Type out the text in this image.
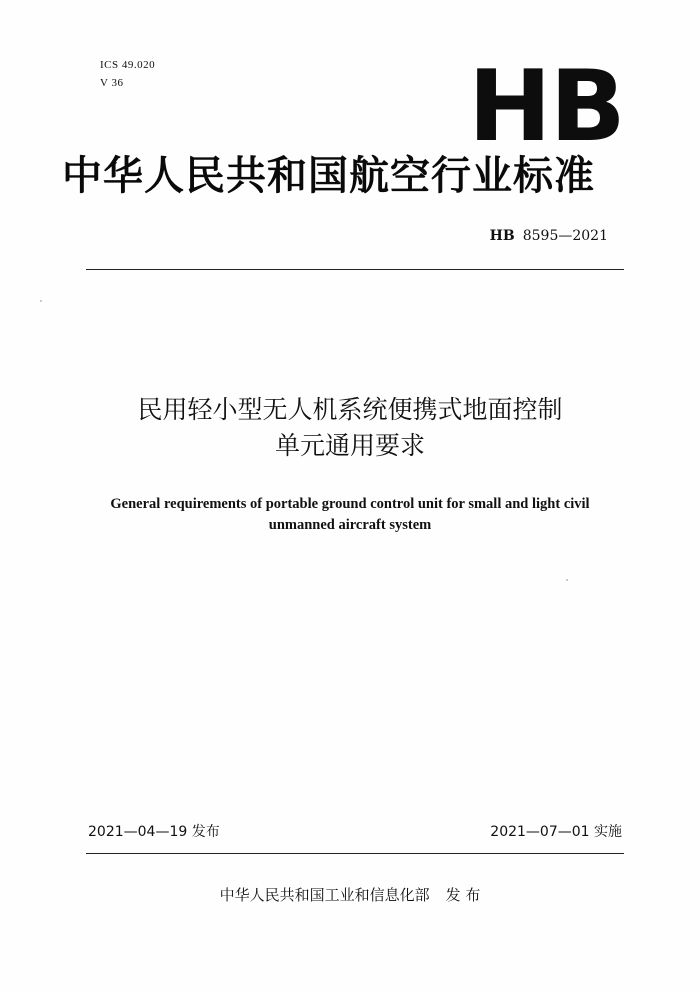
ICS 49.020
V 36	HB
中华人民共和国航空行业标准
HB 8595—2021
民用轻小型无人机系统便携式地面控制
单元通用要求
General requirements of portable ground control unit for small and light civil
unmanned aircraft system
2021—04—19 发布	2021—07—01 实施
中华人民共和国工业和信息化部 发 布
